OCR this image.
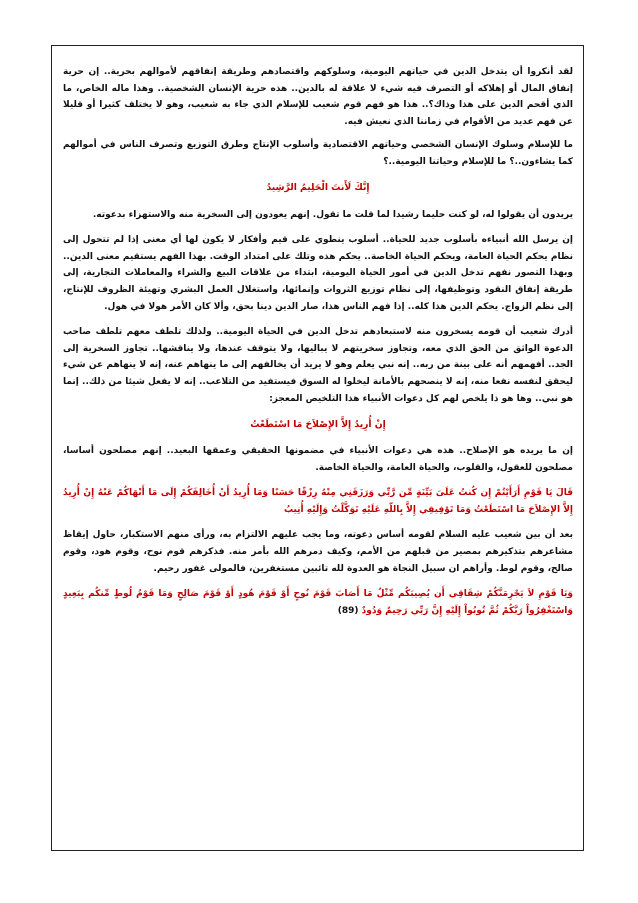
لقد أنكروا أن يتدخل الدين في حياتهم اليومية، وسلوكهم واقتصادهم وطريقة إنفاقهم لأموالهم بحرية.. إن حرية إنفاق المال أو إهلاكه أو التصرف فيه شيء لا علاقة له بالدين.. هذه حرية الإنسان الشخصية.. وهذا ماله الخاص، ما الذي أقحم الدين على هذا وذاك؟.. هذا هو فهم قوم شعيب للإسلام الذي جاء به شعيب، وهو لا يختلف كثيرا أو قليلا عن فهم عديد من الأقوام في زماننا الذي نعيش فيه.

ما للإسلام وسلوك الإنسان الشخصي وحياتهم الاقتصادية وأسلوب الإنتاج وطرق التوزيع وتصرف الناس في أموالهم كما يشاءون..؟ ما للإسلام وحياتنا اليومية..؟

إِنَّكَ لَأَنتَ الْحَلِيمُ الرَّشِيدُ

يريدون أن يقولوا له، لو كنت حليما رشيدا لما قلت ما تقول. إنهم يعودون إلى السخرية منه والاستهزاء بدعوته.

إن يرسل الله أنبياءه بأسلوب جديد للحياة.. أسلوب ينطوي على قيم وأفكار لا يكون لها أي معنى إذا لم تتحول إلى نظام يحكم الحياة العامة، ويحكم الحياة الخاصة.. يحكم هذه وتلك على امتداد الوقت. بهذا الفهم يستقيم معنى الدين.. وبهذا التصور نفهم تدخل الدين في أمور الحياة اليومية، ابتداء من علاقات البيع والشراء والمعاملات التجارية، إلى طريقة إنفاق النقود وتوظيفها، إلى نظام توزيع الثروات وإنمائها، واستغلال العمل البشري وتهيئة الظروف للإنتاج، إلى نظم الزواج. يحكم الدين هذا كله.. إذا فهم الناس هذا، صار الدين دينا بحق، وألا كان الأمر هولا في هول.

أدرك شعيب أن قومه يسخرون منه لاستبعادهم تدخل الدين في الحياة اليومية.. ولذلك تلطف معهم تلطف صاحب الدعوة الواثق من الحق الذي معه، وتجاوز سخريتهم لا يباليها، ولا يتوقف عندها، ولا يناقشها.. تجاوز السخرية إلى الجد.. أفهمهم أنه على بينة من ربه.. إنه نبي يعلم وهو لا يريد أن يخالفهم إلى ما ينهاهم عنه، إنه لا ينهاهم عن شيء ليحقق لنفسه نفعا منه، إنه لا ينصحهم بالأمانة ليخلوا له السوق فيستفيد من التلاعب.. إنه لا يفعل شيئا من ذلك.. إنما هو نبي.. وها هو ذا يلخص لهم كل دعوات الأنبياء هذا التلخيص المعجز:

إِنْ أُرِيدُ إِلاَّ الإِصْلاَحَ مَا اسْتَطَعْتُ

إن ما يريده هو الإصلاح.. هذه هي دعوات الأنبياء في مضمونها الحقيقي وعمقها البعيد.. إنهم مصلحون أساسا، مصلحون للعقول، والقلوب، والحياة العامة، والحياة الخاصة.

قَالَ يَا قَوْمِ أَرَأَيْتُمْ إِن كُنتُ عَلَىَ بَيِّنَةٍ مِّن رَّبِّي وَرَزَقَنِي مِنْهُ رِزْقًا حَسَنًا وَمَا أُرِيدُ أَنْ أُخَالِفَكُمْ إِلَى مَا أَنْهَاكُمْ عَنْهُ إِنْ أُرِيدُ إِلاَّ الإِصْلاَحَ مَا اسْتَطَعْتُ وَمَا تَوْفِيقِي إِلاَّ بِاللّهِ عَلَيْهِ تَوَكَّلْتُ وَإِلَيْهِ أُنِيبُ

بعد أن بين شعيب عليه السلام لقومه أساس دعوته، وما يجب عليهم الالتزام به، ورأى منهم الاستكبار، حاول إيقاظ مشاعرهم بتذكيرهم بمصير من قبلهم من الأمم، وكيف دمرهم الله بأمر منه. فذكرهم قوم نوح، وقوم هود، وقوم صالح، وقوم لوط. وأراهم ان سبيل النجاة هو العدوة لله تائبين مستغفرين، فالمولى غفور رحيم.

وَيَا قَوْمِ لاَ يَجْرِمَنَّكُمْ شِقَاقِي أَن يُصِيبَكُم مِّثْلُ مَا أَصَابَ قَوْمَ نُوحٍ أَوْ قَوْمَ هُودٍ أَوْ قَوْمَ صَالِحٍ وَمَا قَوْمُ لُوطٍ مِّنكُم بِبَعِيدٍ وَاسْتَغْفِرُواْ رَبَّكُمْ ثُمَّ تُوبُواْ إِلَيْهِ إِنَّ رَبِّي رَحِيمٌ وَدُودٌ (89)
